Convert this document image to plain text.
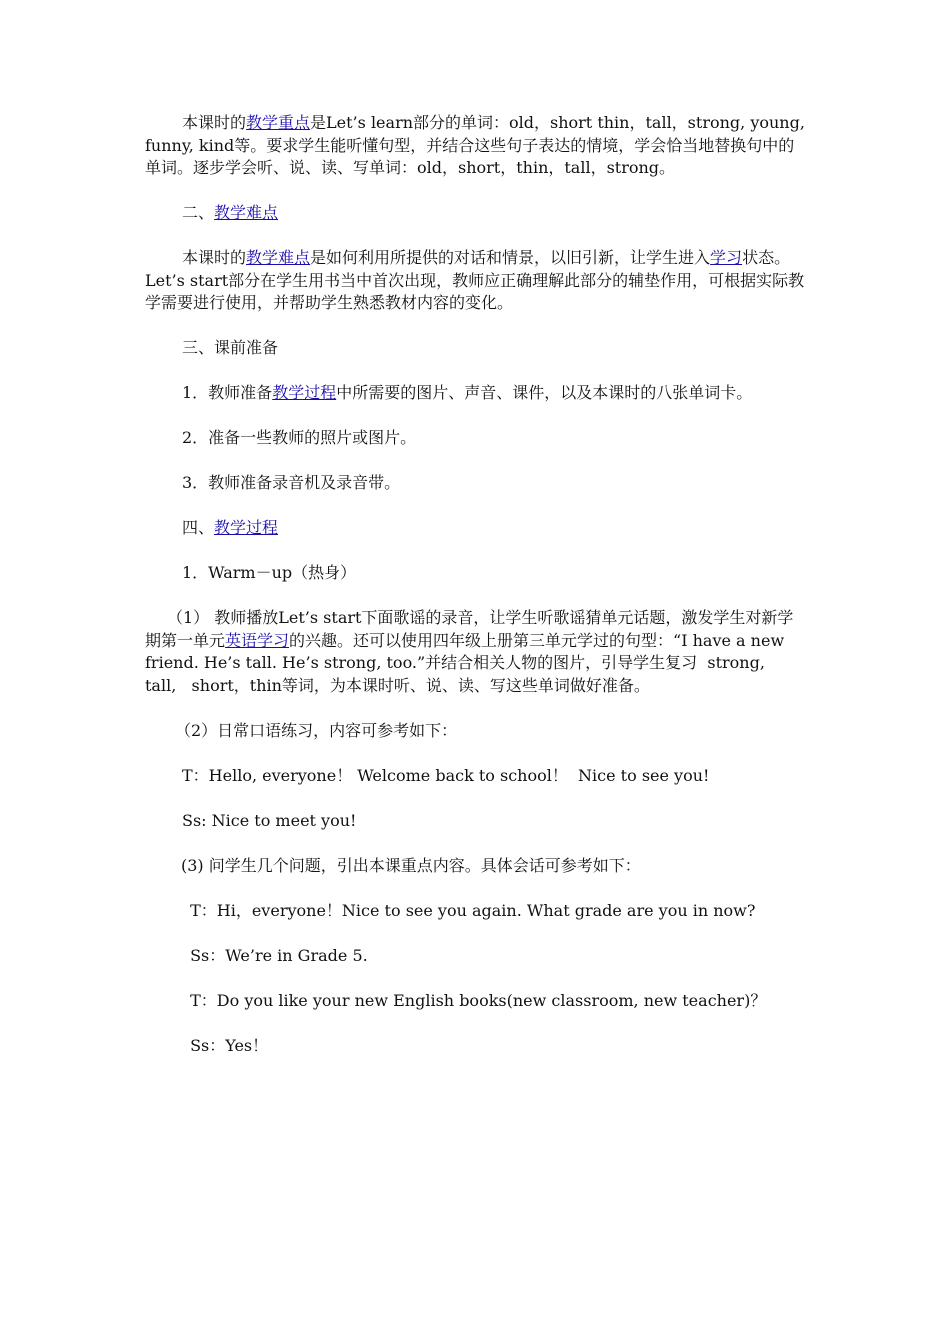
本课时的教学重点是Let’s learn部分的单词：old，short thin，tall，strong, young, funny, kind等。要求学生能听懂句型，并结合这些句子表达的情境，学会恰当地替换句中的单词。逐步学会听、说、读、写单词：old，short，thin，tall，strong。

二、教学难点

本课时的教学难点是如何利用所提供的对话和情景，以旧引新，让学生进入学习状态。Let’s start部分在学生用书当中首次出现，教师应正确理解此部分的辅垫作用，可根据实际教学需要进行使用，并帮助学生熟悉教材内容的变化。

三、课前准备

1．教师准备教学过程中所需要的图片、声音、课件，以及本课时的八张单词卡。

2．准备一些教师的照片或图片。

3．教师准备录音机及录音带。

四、教学过程

1．Warm－up（热身）

（1） 教师播放Let’s start下面歌谣的录音，让学生听歌谣猜单元话题，激发学生对新学期第一单元英语学习的兴趣。还可以使用四年级上册第三单元学过的句型：“I have a new friend. He’s tall. He’s strong, too.”并结合相关人物的图片，引导学生复习  strong,   tall,   short，thin等词，为本课时听、说、读、写这些单词做好准备。

（2）日常口语练习，内容可参考如下：

T：Hello, everyone！ Welcome back to school！  Nice to see you!

Ss: Nice to meet you!

(3) 问学生几个问题，引出本课重点内容。具体会话可参考如下：

T：Hi，everyone！Nice to see you again. What grade are you in now?

Ss：We’re in Grade 5.

T：Do you like your new English books(new classroom, new teacher)？

Ss：Yes！
